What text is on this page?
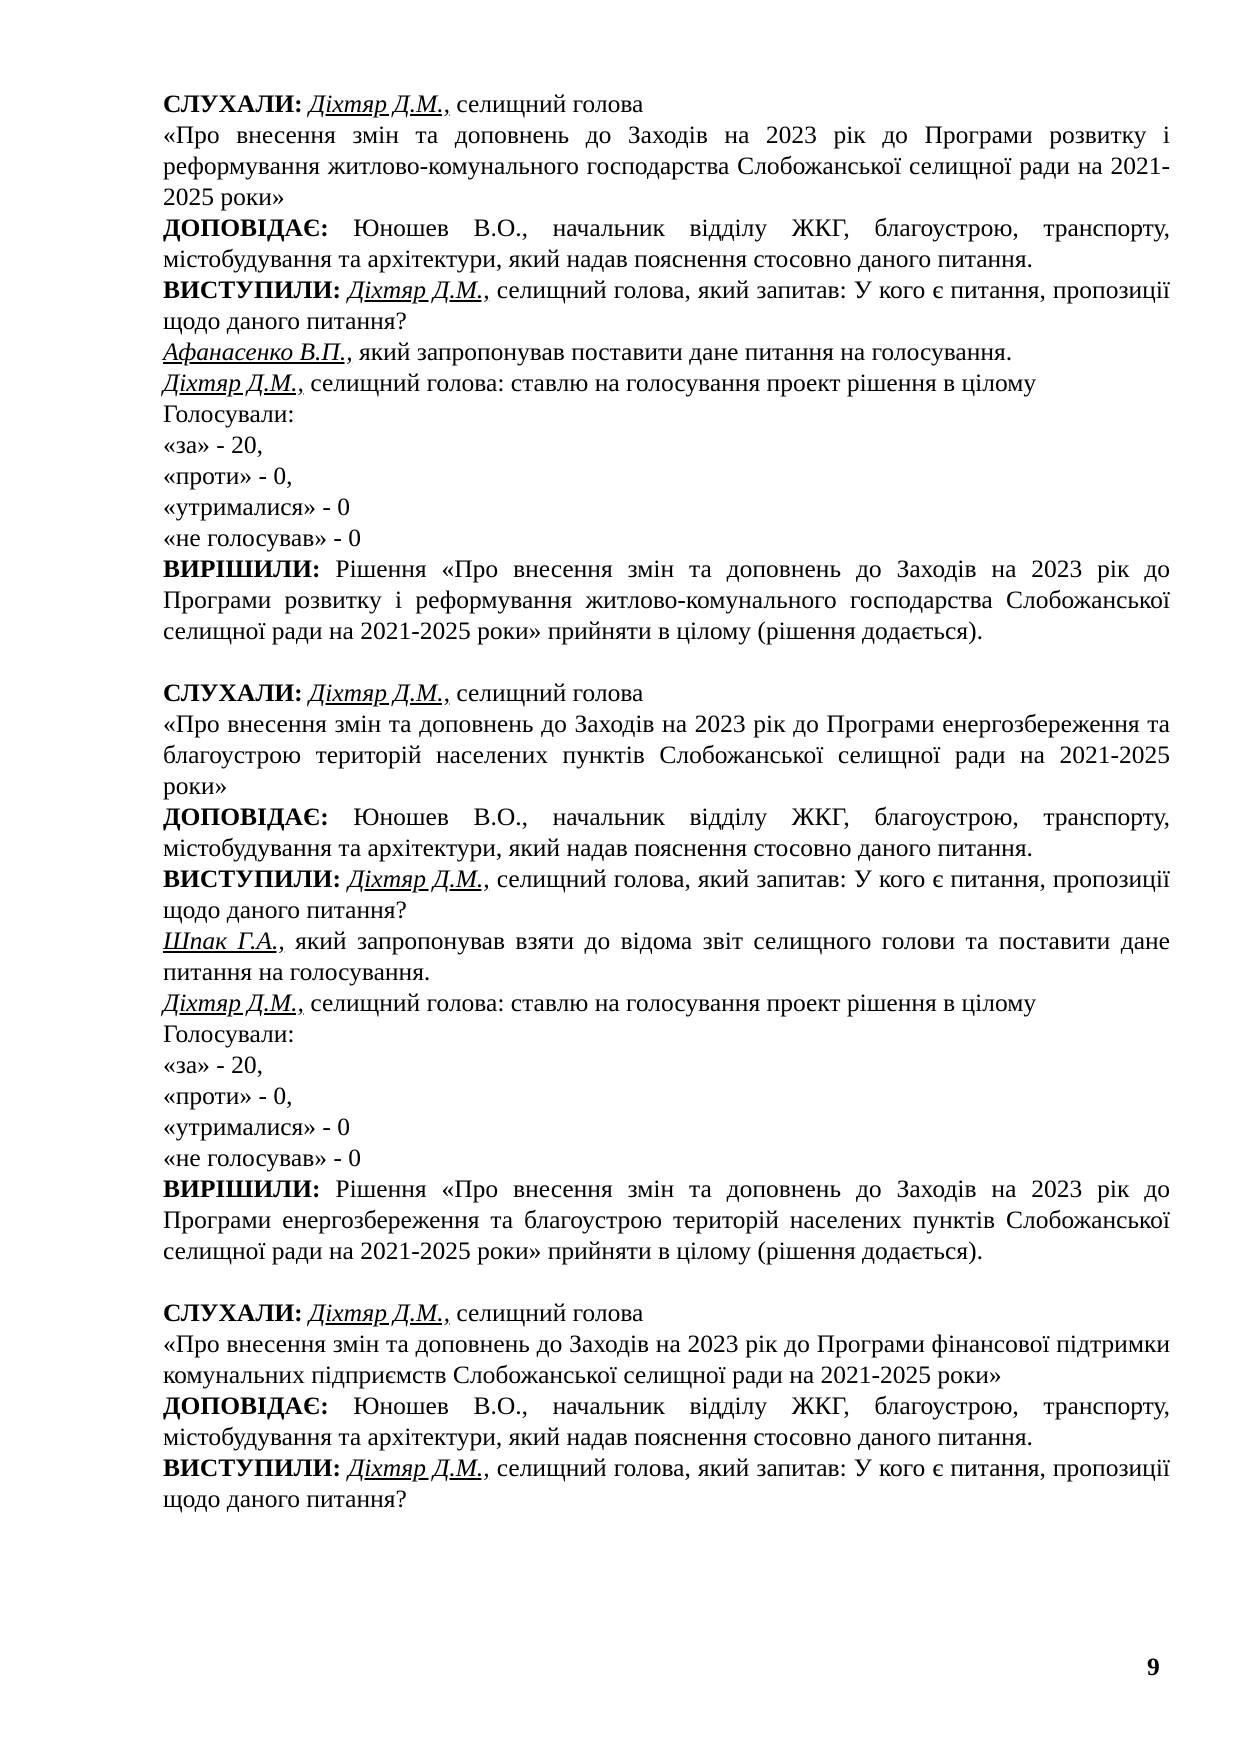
СЛУХАЛИ: Діхтяр Д.М., селищний голова

«Про внесення змін та доповнень до Заходів на 2023 рік до Програми розвитку і реформування житлово-комунального господарства Слобожанської селищної ради на 2021-2025 роки»

ДОПОВІДАЄ: Юношев В.О., начальник відділу ЖКГ, благоустрою, транспорту, містобудування та архітектури, який надав пояснення стосовно даного питання.

ВИСТУПИЛИ: Діхтяр Д.М., селищний голова, який запитав: У кого є питання, пропозиції щодо даного питання?

Афанасенко В.П., який запропонував поставити дане питання на голосування.

Діхтяр Д.М., селищний голова: ставлю на голосування проект рішення в цілому

Голосували:

«за» - 20,

«проти» - 0,

«утрималися» - 0

«не голосував» - 0

ВИРІШИЛИ: Рішення «Про внесення змін та доповнень до Заходів на 2023 рік до Програми розвитку і реформування житлово-комунального господарства Слобожанської селищної ради на 2021-2025 роки» прийняти в цілому (рішення додається).

СЛУХАЛИ: Діхтяр Д.М., селищний голова

«Про внесення змін та доповнень до Заходів на 2023 рік до Програми енергозбереження та благоустрою територій населених пунктів Слобожанської селищної ради на 2021-2025 роки»

ДОПОВІДАЄ: Юношев В.О., начальник відділу ЖКГ, благоустрою, транспорту, містобудування та архітектури, який надав пояснення стосовно даного питання.

ВИСТУПИЛИ: Діхтяр Д.М., селищний голова, який запитав: У кого є питання, пропозиції щодо даного питання?

Шпак Г.А., який запропонував взяти до відома звіт селищного голови та поставити дане питання на голосування.

Діхтяр Д.М., селищний голова: ставлю на голосування проект рішення в цілому

Голосували:

«за» - 20,

«проти» - 0,

«утрималися» - 0

«не голосував» - 0

ВИРІШИЛИ: Рішення «Про внесення змін та доповнень до Заходів на 2023 рік до Програми енергозбереження та благоустрою територій населених пунктів Слобожанської селищної ради на 2021-2025 роки» прийняти в цілому (рішення додається).

СЛУХАЛИ: Діхтяр Д.М., селищний голова

«Про внесення змін та доповнень до Заходів на 2023 рік до Програми фінансової підтримки комунальних підприємств Слобожанської селищної ради на 2021-2025 роки»

ДОПОВІДАЄ: Юношев В.О., начальник відділу ЖКГ, благоустрою, транспорту, містобудування та архітектури, який надав пояснення стосовно даного питання.

ВИСТУПИЛИ: Діхтяр Д.М., селищний голова, який запитав: У кого є питання, пропозиції щодо даного питання?

9
